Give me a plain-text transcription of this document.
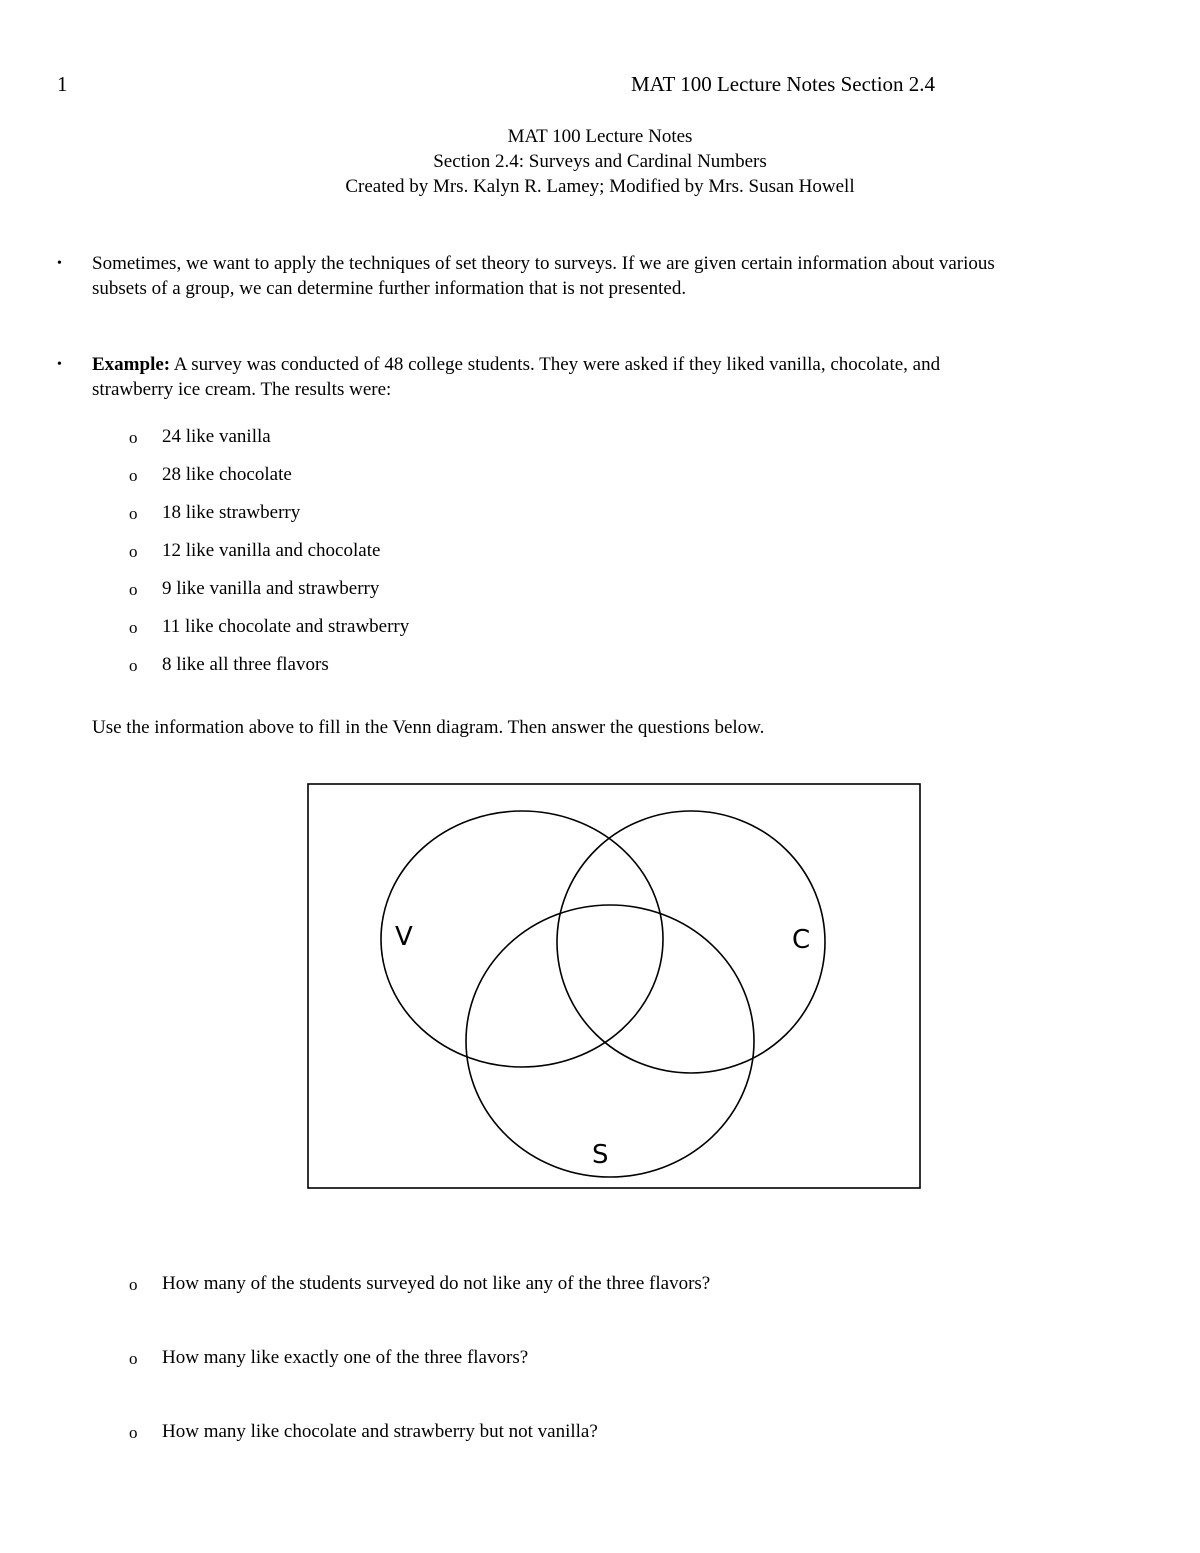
1	MAT 100 Lecture Notes Section 2.4
MAT 100 Lecture Notes
Section 2.4: Surveys and Cardinal Numbers
Created by Mrs. Kalyn R. Lamey; Modified by Mrs. Susan Howell
• Sometimes, we want to apply the techniques of set theory to surveys. If we are given certain information about various
subsets of a group, we can determine further information that is not presented.
• Example: A survey was conducted of 48 college students. They were asked if they liked vanilla, chocolate, and
strawberry ice cream. The results were:
o 24 like vanilla
o 28 like chocolate
o 18 like strawberry
o 12 like vanilla and chocolate
o 9 like vanilla and strawberry
o 11 like chocolate and strawberry
o 8 like all three flavors
Use the information above to fill in the Venn diagram. Then answer the questions below.
V	C
S
o How many of the students surveyed do not like any of the three flavors?
o How many like exactly one of the three flavors?
o How many like chocolate and strawberry but not vanilla?
